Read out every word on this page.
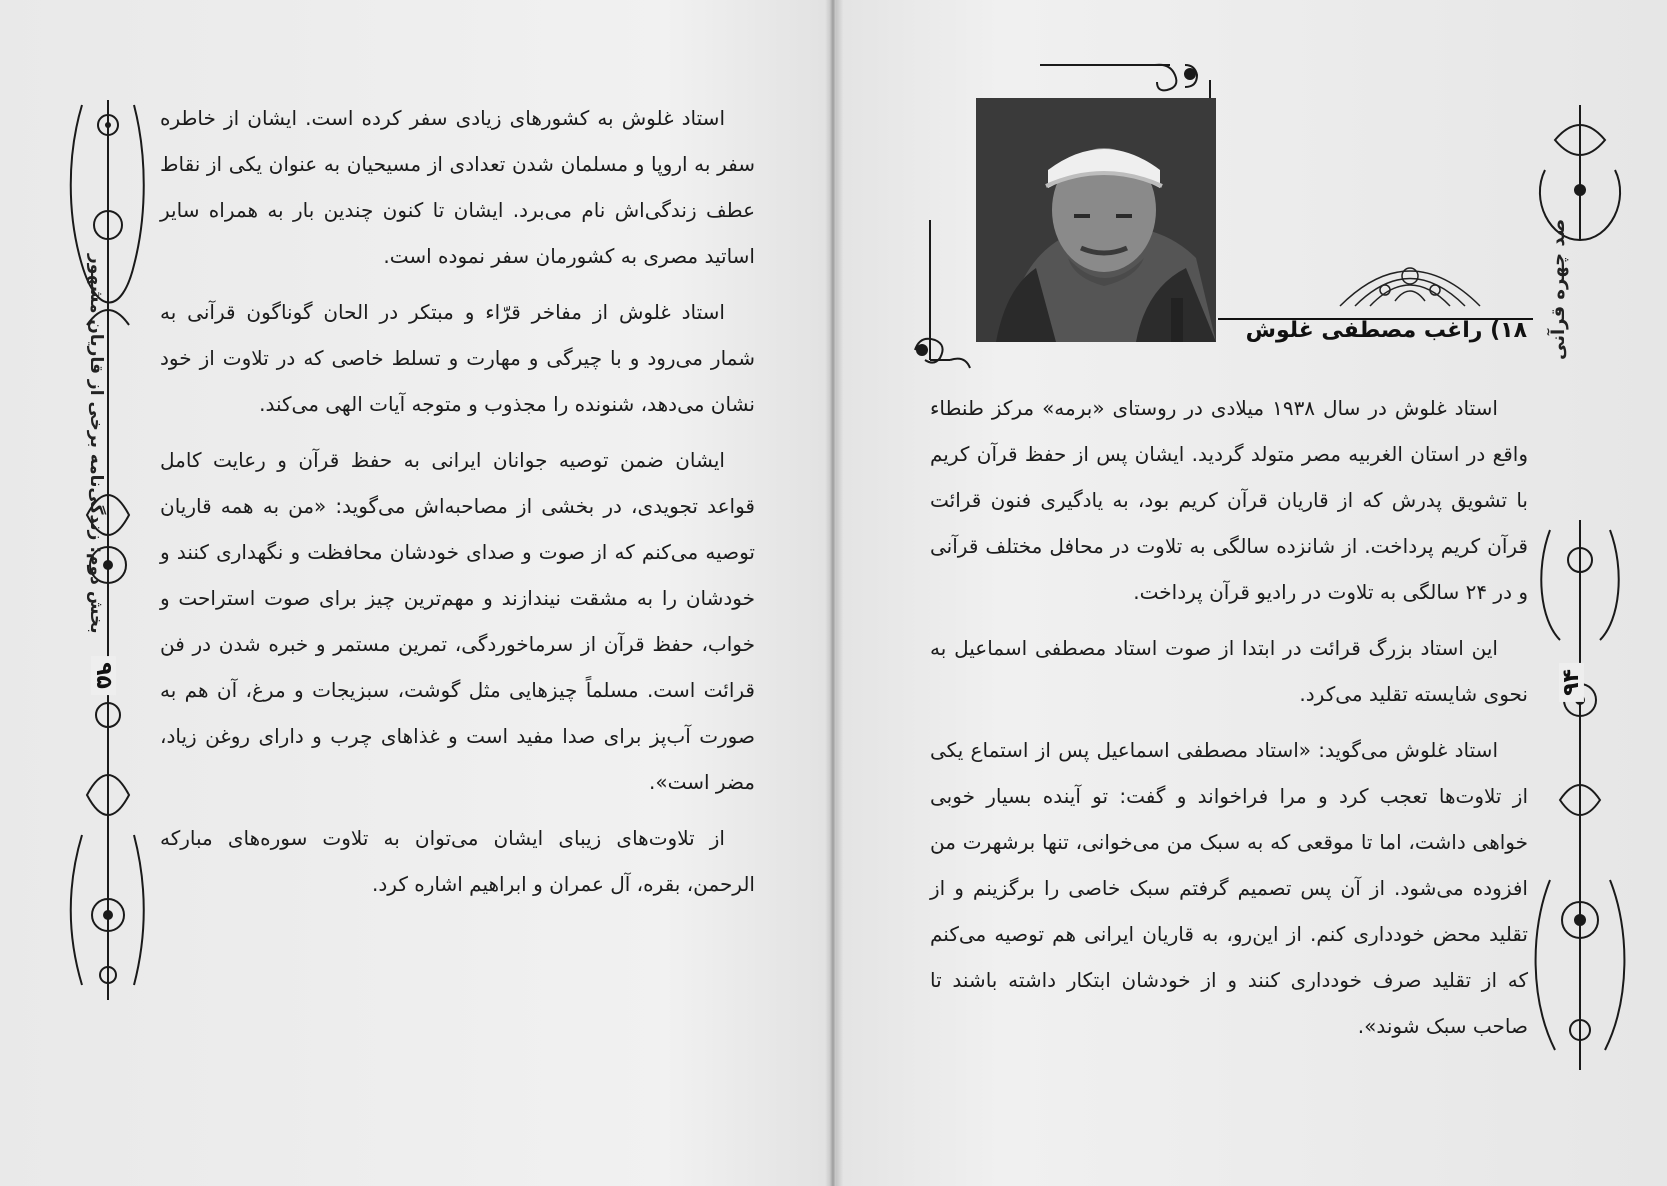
بخش دوم: زندگی‌نامه برخی از قاریان مشهور
۹۵

استاد غلوش به کشورهای زیادی سفر کرده است. ایشان از خاطره سفر به اروپا و مسلمان شدن تعدادی از مسیحیان به عنوان یکی از نقاط عطف زندگی‌اش نام می‌برد. ایشان تا کنون چندین بار به همراه سایر اساتید مصری به کشورمان سفر نموده است.

استاد غلوش از مفاخر قرّاء و مبتکر در الحان گوناگون قرآنی به شمار می‌رود و با چیرگی و مهارت و تسلط خاصی که در تلاوت از خود نشان می‌دهد، شنونده را مجذوب و متوجه آیات الهی می‌کند.

ایشان ضمن توصیه جوانان ایرانی به حفظ قرآن و رعایت کامل قواعد تجویدی، در بخشی از مصاحبه‌اش می‌گوید: «من به همه قاریان توصیه می‌کنم که از صوت و صدای خودشان محافظت و نگهداری کنند و خودشان را به مشقت نیندازند و مهم‌ترین چیز برای صوت استراحت و خواب، حفظ قرآن از سرماخوردگی، تمرین مستمر و خبره شدن در فن قرائت است. مسلماً چیزهایی مثل گوشت، سبزیجات و مرغ، آن هم به صورت آب‌پز برای صدا مفید است و غذاهای چرب و دارای روغن زیاد، مضر است».

از تلاوت‌های زیبای ایشان می‌توان به تلاوت سوره‌های مبارکه الرحمن، بقره، آل عمران و ابراهیم اشاره کرد.

۱۸) راغب مصطفی غلوش صد چهره قرآنی
۹۴

استاد غلوش در سال ۱۹۳۸ میلادی در روستای «برمه» مرکز طنطاء واقع در استان الغربیه مصر متولد گردید. ایشان پس از حفظ قرآن کریم با تشویق پدرش که از قاریان قرآن کریم بود، به یادگیری فنون قرائت قرآن کریم پرداخت. از شانزده سالگی به تلاوت در محافل مختلف قرآنی و در ۲۴ سالگی به تلاوت در رادیو قرآن پرداخت.

این استاد بزرگ قرائت در ابتدا از صوت استاد مصطفی اسماعیل به نحوی شایسته تقلید می‌کرد.

استاد غلوش می‌گوید: «استاد مصطفی اسماعیل پس از استماع یکی از تلاوت‌ها تعجب کرد و مرا فراخواند و گفت: تو آینده بسیار خوبی خواهی داشت، اما تا موقعی که به سبک من می‌خوانی، تنها برشهرت من افزوده می‌شود. از آن پس تصمیم گرفتم سبک خاصی را برگزینم و از تقلید محض خودداری کنم. از این‌رو، به قاریان ایرانی هم توصیه می‌کنم که از تقلید صرف خودداری کنند و از خودشان ابتکار داشته باشند تا صاحب سبک شوند».
